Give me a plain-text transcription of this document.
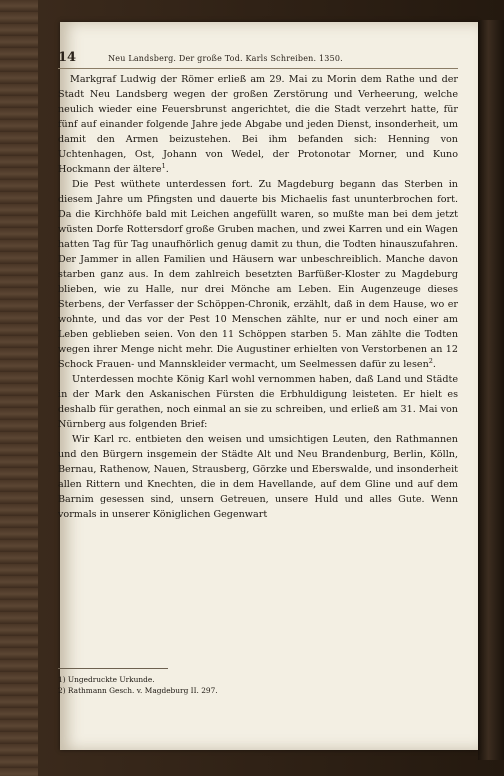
14	Neu Landsberg. Der große Tod. Karls Schreiben. 1350.

Markgraf Ludwig der Römer erließ am 29. Mai zu Morin dem Rathe und der Stadt Neu Landsberg wegen der großen Zerstörung und Verheerung, welche neulich wieder eine Feuersbrunst angerichtet, die die Stadt verzehrt hatte, für fünf auf einander folgende Jahre jede Abgabe und jeden Dienst, insonderheit, um damit den Armen beizustehen. Bei ihm befanden sich: Henning von Uchtenhagen, Ost, Johann von Wedel, der Protonotar Morner, und Kuno Hockmann der ältere$^1$.

Die Pest wüthete unterdessen fort. Zu Magdeburg begann das Sterben in diesem Jahre um Pfingsten und dauerte bis Michaelis fast ununterbrochen fort. Da die Kirchhöfe bald mit Leichen angefüllt waren, so mußte man bei dem jetzt wüsten Dorfe Rottersdorf große Gruben machen, und zwei Karren und ein Wagen hatten Tag für Tag unaufhörlich genug damit zu thun, die Todten hinauszufahren. Der Jammer in allen Familien und Häusern war unbeschreiblich. Manche davon starben ganz aus. In dem zahlreich besetzten Barfüßer-Kloster zu Magdeburg blieben, wie zu Halle, nur drei Mönche am Leben. Ein Augenzeuge dieses Sterbens, der Verfasser der Schöppen-Chronik, erzählt, daß in dem Hause, wo er wohnte, und das vor der Pest 10 Menschen zählte, nur er und noch einer am Leben geblieben seien. Von den 11 Schöppen starben 5. Man zählte die Todten wegen ihrer Menge nicht mehr. Die Augustiner erhielten von Verstorbenen an 12 Schock Frauen- und Mannskleider vermacht, um Seelmessen dafür zu lesen$^2$.

Unterdessen mochte König Karl wohl vernommen haben, daß Land und Städte in der Mark den Askanischen Fürsten die Erbhuldigung leisteten. Er hielt es deshalb für gerathen, noch einmal an sie zu schreiben, und erließ am 31. Mai von Nürnberg aus folgenden Brief:

Wir Karl rc. entbieten den weisen und umsichtigen Leuten, den Rathmannen und den Bürgern insgemein der Städte Alt und Neu Brandenburg, Berlin, Kölln, Bernau, Rathenow, Nauen, Strausberg, Görzke und Eberswalde, und insonderheit allen Rittern und Knechten, die in dem Havellande, auf dem Gline und auf dem Barnim gesessen sind, unsern Getreuen, unsere Huld und alles Gute. Wenn vormals in unserer Königlichen Gegenwart

1) Ungedruckte Urkunde.
2) Rathmann Gesch. v. Magdeburg II. 297.
